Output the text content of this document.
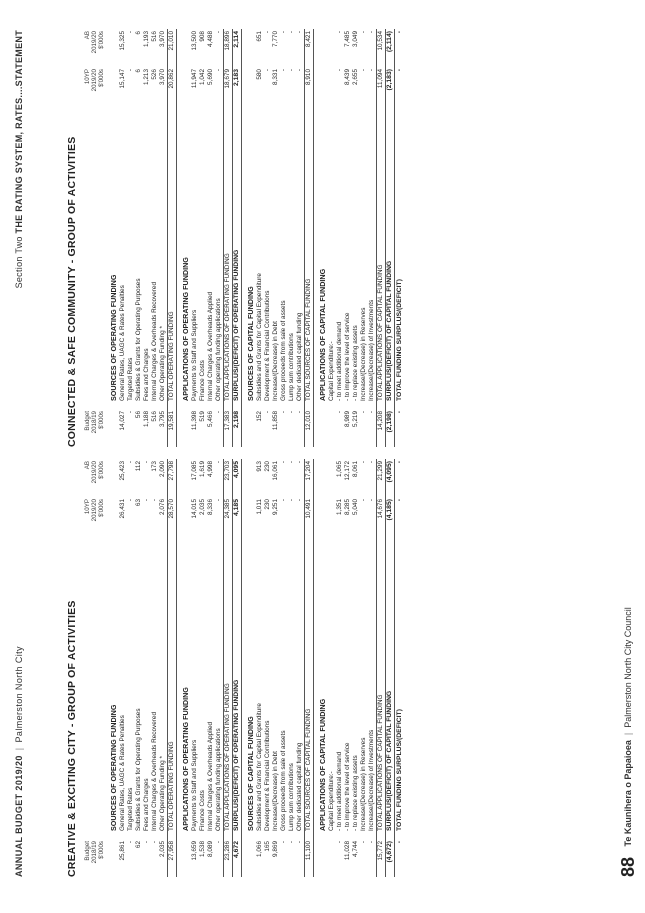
ANNUAL BUDGET 2019/20|Palmerston North City
Section Two THE RATING SYSTEM, RATES....STATEMENT
CREATIVE & EXCITING CITY - GROUP OF ACTIVITIES Budget		10YP	AB
2018/19		2019/20	2019/20
$'000s		$'000s	$'000s
	SOURCES OF OPERATING FUNDING		
25,861	General Rates, UAGC & Rates Penalties	26,431	25,423
-	Targeted Rates	-	-
62	Subsidies & Grants for Operating Purposes	63	112
-	Fees and Charges	-	-
-	Internal Charges & Overheads Recovered	-	173
2,035	Other Operating Funding *	2,076	2,090
27,958	TOTAL OPERATING FUNDING	28,570	27,798
	APPLICATIONS OF OPERATING FUNDING		
13,659	Payments to Staff and Suppliers	14,015	17,085
1,538	Finance Costs	2,035	1,619
8,089	Internal Charges & Overheads Applied	8,336	4,998
-	Other operating funding applications	-	-
23,286	TOTAL APPLICATIONS OF OPERATING FUNDING	24,385	23,703
4,672	SURPLUS/(DEFICIT) OF OPERATING FUNDING	4,185	4,095
	SOURCES OF CAPITAL FUNDING		
1,066	Subsidies and Grants for Capital Expenditure	1,011	913
165	Development & Financial Contributions	230	230
9,869	Increase/(Decrease) in Debt	9,251	16,061
-	Gross proceeds from sale of assets	-	-
-	Lump sum contributions	-	-
-	Other dedicated capital funding	-	-
11,100	TOTAL SOURCES OF CAPITAL FUNDING	10,491	17,204
	APPLICATIONS OF CAPITAL FUNDING		
	Capital Expenditure:-		
-	- to meet additional demand	1,351	1,065
11,028	- to improve the level of service	8,285	12,172
4,744	- to replace existing assets	5,040	8,061
-	Increase/(Decrease) in Reserves	-	-
-	Increase/(Decrease) of Investments	-	-
15,772	TOTAL APPLICATIONS OF CAPITAL FUNDING	14,676	21,299
(4,672)	SURPLUS/(DEFICIT) OF CAPITAL FUNDING	(4,185)	(4,095)
-	TOTAL FUNDING SURPLUS/(DEFICIT)	-	-
CONNECTED & SAFE COMMUNITY - GROUP OF ACTIVITIES Budget		10YP	AB
2018/19		2019/20	2019/20
$'000s		$'000s	$'000s
	SOURCES OF OPERATING FUNDING		
14,027	General Rates, UAGC & Rates Penalties	15,147	15,325
-	Targeted Rates	-	-
56	Subsidies & Grants for Operating Purposes	6	6
1,188	Fees and Charges	1,213	1,193
516	Internal Charges & Overheads Recovered	526	516
3,795	Other Operating Funding *	3,970	3,970
19,581	TOTAL OPERATING FUNDING	20,862	21,010
	APPLICATIONS OF OPERATING FUNDING		
11,398	Payments to Staff and Suppliers	11,947	13,500
519	Finance Costs	1,042	908
5,466	Internal Charges & Overheads Applied	5,690	4,488
-	Other operating funding applications	-	-
17,383	TOTAL APPLICATIONS OF OPERATING FUNDING	18,679	18,896
2,198	SURPLUS/(DEFICIT) OF OPERATING FUNDING	2,183	2,114
	SOURCES OF CAPITAL FUNDING		
152	Subsidies and Grants for Capital Expenditure	580	651
-	Development & Financial Contributions	-	-
11,858	Increase/(Decrease) in Debt	8,331	7,770
-	Gross proceeds from sale of assets	-	-
-	Lump sum contributions	-	-
-	Other dedicated capital funding	-	-
12,010	TOTAL SOURCES OF CAPITAL FUNDING	8,910	8,421
	APPLICATIONS OF CAPITAL FUNDING		
	Capital Expenditure:-		
-	- to meet additional demand	-	-
8,989	- to improve the level of service	8,439	7,485
5,219	- to replace existing assets	2,655	3,049
-	Increase/(Decrease) in Reserves	-	-
-	Increase/(Decrease) of Investments	-	-
14,208	TOTAL APPLICATIONS OF CAPITAL FUNDING	11,094	10,534
(2,198)	SURPLUS/(DEFICIT) OF CAPITAL FUNDING	(2,183)	(2,114)
-	TOTAL FUNDING SURPLUS/(DEFICIT)	-	-
88 Te Kaunihera o Papaioea|Palmerston North City Council
